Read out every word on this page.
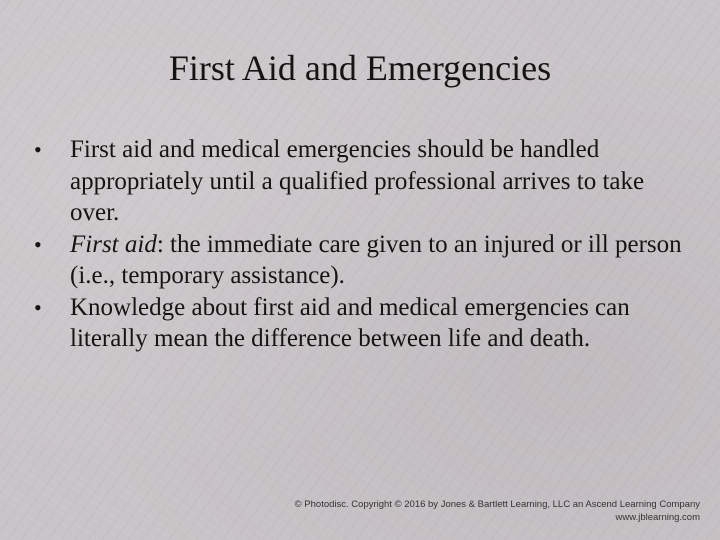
First Aid and Emergencies
•	First aid and medical emergencies should be handled appropriately until a qualified professional arrives to take over.
•	First aid: the immediate care given to an injured or ill person (i.e., temporary assistance).
•	Knowledge about first aid and medical emergencies can literally mean the difference between life and death.
© Photodisc. Copyright © 2016 by Jones & Bartlett Learning, LLC an Ascend Learning Company
www.jblearning.com
